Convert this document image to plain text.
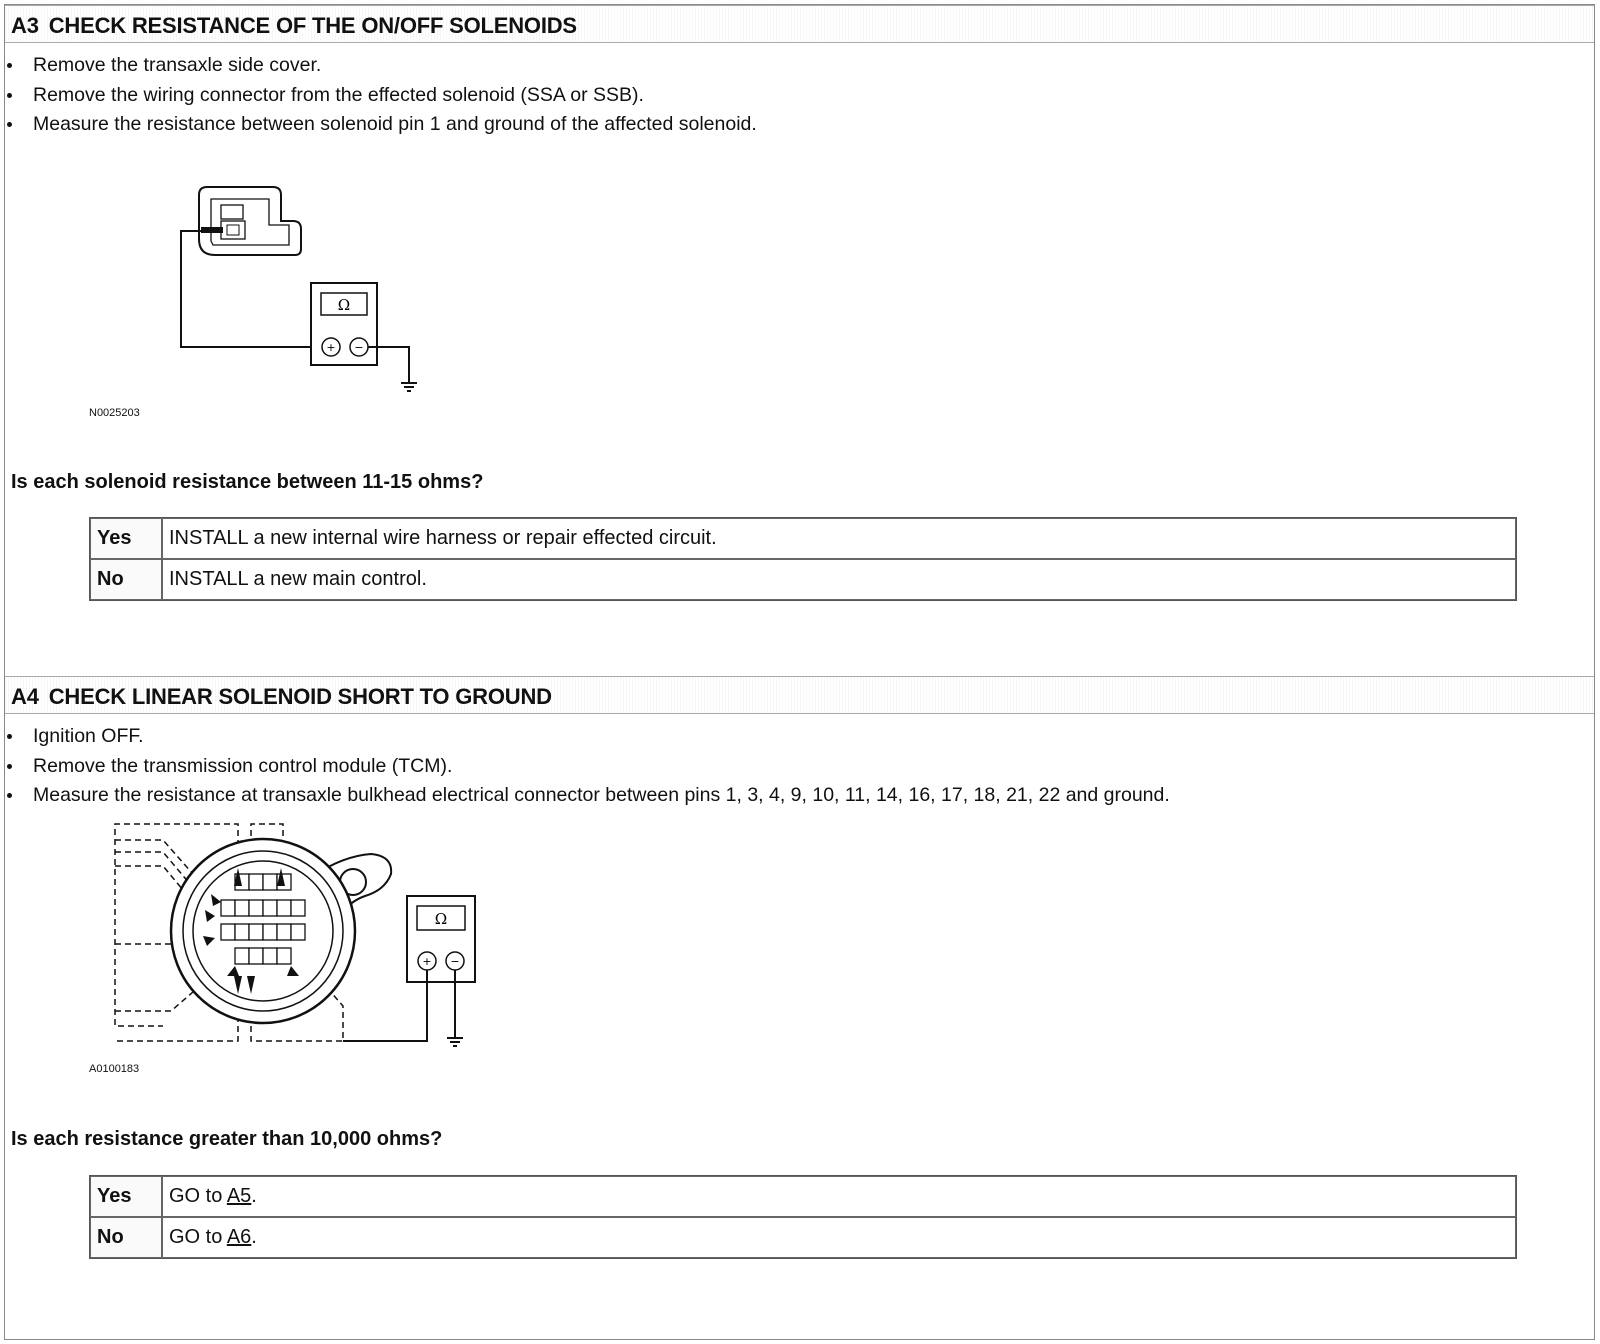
A3 CHECK RESISTANCE OF THE ON/OFF SOLENOIDS
Remove the transaxle side cover.
Remove the wiring connector from the effected solenoid (SSA or SSB).
Measure the resistance between solenoid pin 1 and ground of the affected solenoid.
Ω
+ −
N0025203
Is each solenoid resistance between 11-15 ohms?
Yes	INSTALL a new internal wire harness or repair effected circuit.
No	INSTALL a new main control.
A4 CHECK LINEAR SOLENOID SHORT TO GROUND
Ignition OFF.
Remove the transmission control module (TCM).
Measure the resistance at transaxle bulkhead electrical connector between pins 1, 3, 4, 9, 10, 11, 14, 16, 17, 18, 21, 22 and ground.
Ω
+ −
A0100183
Is each resistance greater than 10,000 ohms?
Yes	GO to A5.
No	GO to A6.
